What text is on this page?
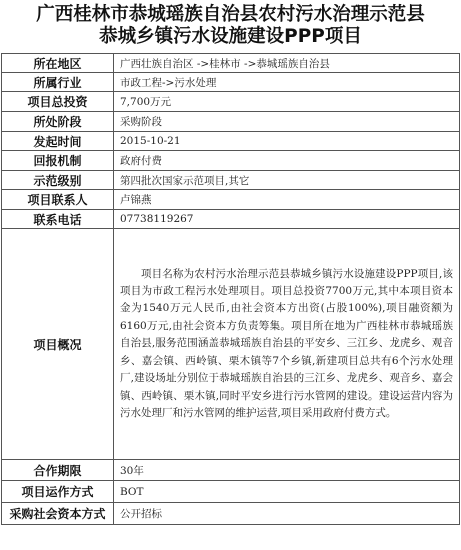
广西桂林市恭城瑶族自治县农村污水治理示范县
恭城乡镇污水设施建设PPP项目
所在地区	广西壮族自治区 ->桂林市 ->恭城瑶族自治县
所属行业	市政工程->污水处理
项目总投资	7,700万元
所处阶段	采购阶段
发起时间	2015-10-21
回报机制	政府付费
示范级别	第四批次国家示范项目,其它
项目联系人	卢锦燕
联系电话	07738119267
项目概况	项目名称为农村污水治理示范县恭城乡镇污水设施建设PPP项目,该项目为市政工程污水处理项目。项目总投资7700万元,其中本项目资本金为1540万元人民币,由社会资本方出资(占股100%),项目融资额为6160万元,由社会资本方负责筹集。项目所在地为广西桂林市恭城瑶族自治县,服务范围涵盖恭城瑶族自治县的平安乡、三江乡、龙虎乡、观音乡、嘉会镇、西岭镇、栗木镇等7个乡镇,新建项目总共有6个污水处理厂,建设场址分别位于恭城瑶族自治县的三江乡、龙虎乡、观音乡、嘉会镇、西岭镇、栗木镇,同时平安乡进行污水管网的建设。建设运营内容为污水处理厂和污水管网的维护运营,项目采用政府付费方式。

合作期限	30年
项目运作方式	BOT
采购社会资本方式	公开招标
